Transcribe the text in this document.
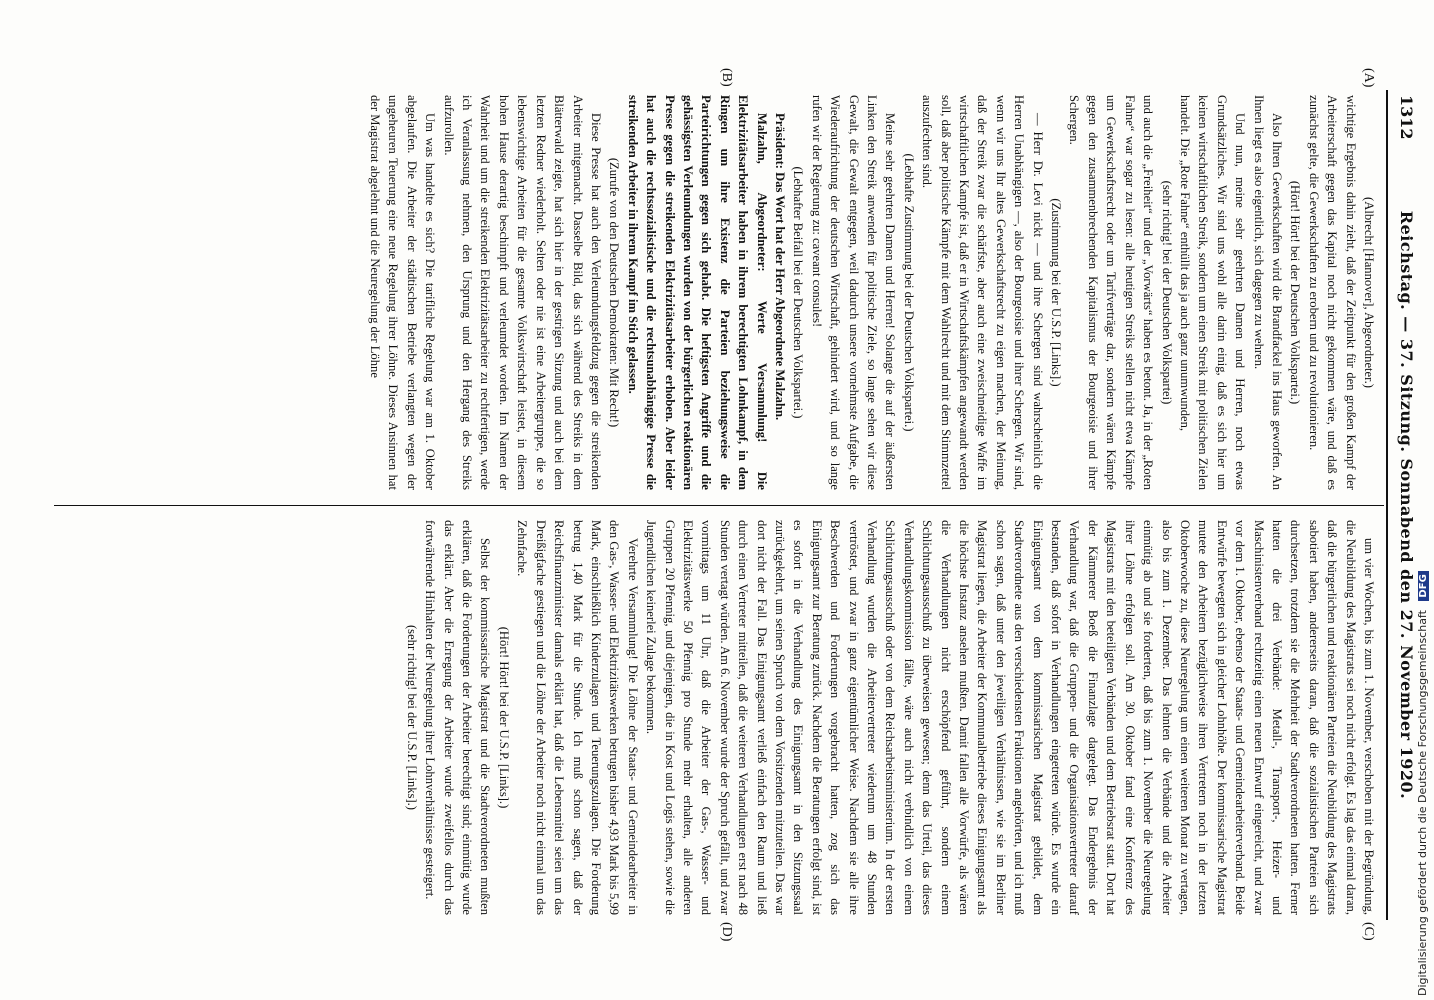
1312
Reichstag. — 37. Sitzung. Sonnabend den 27. November 1920.
(A)
(B)
(C)
(D)

(Albrecht [Hannover], Abgeordneter.)

wichtige Ergebnis dahin zieht, daß der Zeitpunkt für den großen Kampf der Arbeiterschaft gegen das Kapital noch nicht gekommen wäre, und daß es zunächst gelte, die Gewerkschaften zu erobern und zu revolutionieren.

(Hört! Hört! bei der Deutschen Volkspartei.)

Also Ihren Gewerkschaften wird die Brandfackel ins Haus geworfen. An Ihnen liegt es also eigentlich, sich dagegen zu wehren.

Und nun, meine sehr geehrten Damen und Herren, noch etwas Grundsätzliches. Wir sind uns wohl alle darin einig, daß es sich hier um keinen wirtschaftlichen Streik, sondern um einen Streik mit politischen Zielen handelt. Die „Rote Fahne“ enthüllt das ja auch ganz unumwunden,

(sehr richtig! bei der Deutschen Volkspartei)

und auch die „Freiheit“ und der „Vorwärts“ haben es betont. Ja, in der „Roten Fahne“ war sogar zu lesen: alle heutigen Streiks stellen nicht etwa Kämpfe um Gewerkschaftsrecht oder um Tarifverträge dar, sondern wären Kämpfe gegen den zusammenbrechenden Kapitalismus der Bourgeoisie und ihrer Schergen.

(Zustimmung bei der U.S.P. [Links].)

— Herr Dr. Levi nickt — und ihre Schergen sind wahrscheinlich die Herren Unabhängigen —, also der Bourgeoisie und ihrer Schergen. Wir sind, wenn wir uns Ihr altes Gewerkschaftsrecht zu eigen machen, der Meinung, daß der Streik zwar die schärfste, aber auch eine zweischneidige Waffe im wirtschaftlichen Kampfe ist, daß er in Wirtschaftskämpfen angewandt werden soll, daß aber politische Kämpfe mit dem Wahlrecht und mit dem Stimmzettel auszufechten sind.

(Lebhafte Zustimmung bei der Deutschen Volkspartei.)

Meine sehr geehrten Damen und Herren! Solange die auf der äußersten Linken den Streik anwenden für politische Ziele, so lange sehen wir diese Gewalt, die Gewalt entgegen, weil dadurch unsere vornehmste Aufgabe, die Wiederaufrichtung der deutschen Wirtschaft, gehindert wird, und so lange rufen wir der Regierung zu: caveant consules!

(Lebhafter Beifall bei der Deutschen Volkspartei.)

Präsident: Das Wort hat der Herr Abgeordnete Malzahn.

Malzahn, Abgeordneter: Werte Versammlung! Die Elektrizitätsarbeiter haben in ihrem berechtigten Lohnkampf, in dem Ringen um ihre Existenz die Parteien beziehungsweise die Parteirichtungen gegen sich gehabt. Die heftigsten Angriffe und die gehässigsten Verleumdungen wurden von der bürgerlichen reaktionären Presse gegen die streikenden Elektrizitätsarbeiter erhoben. Aber leider hat auch die rechtssozialistische und die rechtsunabhängige Presse die streikenden Arbeiter in ihrem Kampf im Stich gelassen.

(Zurufe von den Deutschen Demokraten: Mit Recht!)

Diese Presse hat auch den Verleumdungsfeldzug gegen die streikenden Arbeiter mitgemacht. Dasselbe Bild, das sich während des Streiks in dem Blätterwald zeigte, hat sich hier in der gestrigen Sitzung und auch bei dem letzten Redner wiederholt. Selten oder nie ist eine Arbeitergruppe, die so lebenswichtige Arbeiten für die gesamte Volkswirtschaft leistet, in diesem hohen Hause derartig beschimpft und verleumdet worden. Im Namen der Wahrheit und um die streikenden Elektrizitätsarbeiter zu rechtfertigen, werde ich Veranlassung nehmen, den Ursprung und den Hergang des Streiks aufzurollen.

Um was handelte es sich? Die tarifliche Regelung war am 1. Oktober abgelaufen. Die Arbeiter der städtischen Betriebe verlangten wegen der ungeheuren Teuerung eine neue Regelung ihrer Löhne. Dieses Ansinnen hat der Magistrat abgelehnt und die Neuregelung der Löhne

um vier Wochen, bis zum 1. November, verschoben mit der Begründung, die Neubildung des Magistrats sei noch nicht erfolgt. Es lag das einmal daran, daß die bürgerlichen und reaktionären Parteien die Neubildung des Magistrats sabotiert haben, andererseits daran, daß die sozialistischen Parteien sich durchsetzen, trotzdem sie die Mehrheit der Stadtverordneten hatten. Ferner hatten die drei Verbände: Metall-, Transport-, Heizer- und Maschinistenverband rechtzeitig einen neuen Entwurf eingereicht, und zwar vor dem 1. Oktober, ebenso der Staats- und Gemeindearbeiterverband. Beide Entwürfe bewegten sich in gleicher Lohnhöhe. Der kommissarische Magistrat mutete den Arbeitern bezüglichweise ihren Vertretern noch in der letzten Oktoberwoche zu, diese Neuregelung um einen weiteren Monat zu vertagen, also bis zum 1. Dezember. Das lehnten die Verbände und die Arbeiter einmütig ab und sie forderten, daß bis zum 1. November die Neuregelung ihrer Löhne erfolgen soll. Am 30. Oktober fand eine Konferenz des Magistrats mit den beteiligten Verbänden und dem Betriebsrat statt. Dort hat der Kämmerer Boeß die Finanzlage dargelegt. Das Endergebnis der Verhandlung war, daß die Gruppen- und die Organisationsvertreter darauf bestanden, daß sofort in Verhandlungen eingetreten würde. Es wurde ein Einigungsamt von dem kommissarischen Magistrat gebildet, dem Stadtverordnete aus den verschiedensten Fraktionen angehörten, und ich muß schon sagen, daß unter den jeweiligen Verhältnissen, wie sie im Berliner Magistrat liegen, die Arbeiter der Kommunalbetriebe dieses Einigungsamt als die höchste Instanz ansehen mußten. Damit fallen alle Vorwürfe, als wären die Verhandlungen nicht erschöpfend geführt, sondern einem Schlichtungsausschuß zu überweisen gewesen; denn das Urteil, das dieses Verhandlungskommission fällte, wäre auch nicht verbindlich von einem Schlichtungsausschuß oder von dem Reichsarbeitsministerium. In der ersten Verhandlung wurden die Arbeitervertreter wiederum um 48 Stunden vertröstet, und zwar in ganz eigentümlicher Weise. Nachdem sie alle ihre Beschwerden und Forderungen vorgebracht hatten, zog sich das Einigungsamt zur Beratung zurück. Nachdem die Beratungen erfolgt sind, ist es sofort in die Verhandlung des Einigungsamt in den Sitzungssaal zurückgekehrt, um seinen Spruch von dem Vorsitzenden mitzuteilen. Das war dort nicht der Fall. Das Einigungsamt verließ einfach den Raum und ließ durch einen Vertreter mitteilen, daß die weiteren Verhandlungen erst nach 48 Stunden vertagt würden. Am 6. November wurde der Spruch gefällt, und zwar vormittags um 11 Uhr, daß die Arbeiter der Gas-, Wasser- und Elektrizitätswerke 50 Pfennig pro Stunde mehr erhalten, alle anderen Gruppen 20 Pfennig, und diejenigen, die in Kost und Logis stehen, sowie die Jugendlichen keinerlei Zulage bekommen.

Verehrte Versammlung! Die Löhne der Staats- und Gemeindearbeiter in den Gas-, Wasser- und Elektrizitätswerken betrugen bisher 4,93 Mark bis 5,99 Mark, einschließlich Kinderzulagen und Teuerungszulagen. Die Forderung betrug 1,40 Mark für die Stunde. Ich muß schon sagen, daß der Reichsfinanzminister damals erklärt hat, daß die Lebensmittel seien um das Dreißigfache gestiegen und die Löhne der Arbeiter noch nicht einmal um das Zehnfache.

(Hört! Hört! bei der U.S.P. [Links].)

Selbst der kommissarische Magistrat und die Stadtverordneten mußten erklären, daß die Forderungen der Arbeiter berechtigt sind; einmütig wurde das erklärt. Aber die Erregung der Arbeiter wurde zweifellos durch das fortwährende Hinhalten der Neuregelung ihrer Lohnverhältnisse gesteigert.

(sehr richtig! bei der U.S.P. [Links].)	Digitalisierung gefördert durch die Deutsche Forschungsgemeinschaft DFG
